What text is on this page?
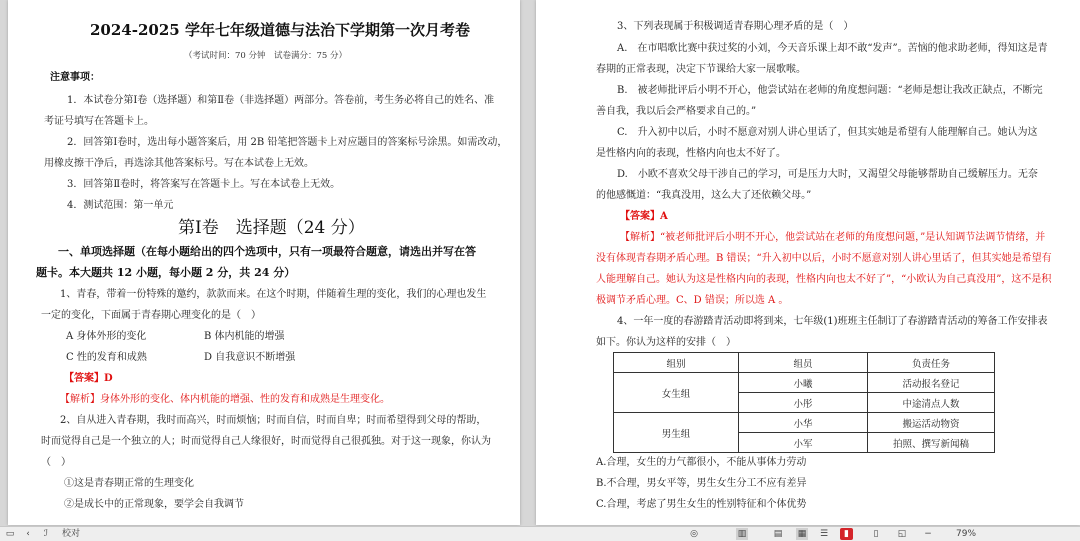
2024-2025 学年七年级道德与法治下学期第一次月考卷
（考试时间：70 分钟　试卷满分：75 分）
注意事项：
1．本试卷分第Ⅰ卷（选择题）和第Ⅱ卷（非选择题）两部分。答卷前，考生务必将自己的姓名、准
考证号填写在答题卡上。
2．回答第Ⅰ卷时，选出每小题答案后，用 2B 铅笔把答题卡上对应题目的答案标号涂黑。如需改动，
用橡皮擦干净后，再选涂其他答案标号。写在本试卷上无效。
3．回答第Ⅱ卷时，将答案写在答题卡上。写在本试卷上无效。
4．测试范围：第一单元
第Ⅰ卷　选择题（24 分）
一、单项选择题（在每小题给出的四个选项中，只有一项最符合题意，请选出并写在答
题卡。本大题共 12 小题，每小题 2 分，共 24 分）
1、青春，带着一份特殊的邀约，款款而来。在这个时期，伴随着生理的变化，我们的心理也发生
一定的变化，下面属于青春期心理变化的是（　）
A 身体外形的变化	B 体内机能的增强
C 性的发育和成熟	D 自我意识不断增强
【答案】D
【解析】身体外形的变化、体内机能的增强、性的发育和成熟是生理变化。
2、自从进入青春期，我时而高兴，时而烦恼；时而自信，时而自卑；时而希望得到父母的帮助，
时而觉得自己是一个独立的人；时而觉得自己人缘很好，时而觉得自己很孤独。对于这一现象，你认为
（　）
①这是青春期正常的生理变化
②是成长中的正常现象，要学会自我调节
3、下列表现属于积极调适青春期心理矛盾的是（　）
A.　在市唱歌比赛中获过奖的小刘，今天音乐课上却不敢“发声”。苦恼的他求助老师，得知这是青
春期的正常表现，决定下节课给大家一展歌喉。
B.　被老师批评后小明不开心，他尝试站在老师的角度想问题：“老师是想让我改正缺点，不断完
善自我，我以后会严格要求自己的。”
C.　升入初中以后，小时不愿意对别人讲心里话了，但其实她是希望有人能理解自己。她认为这
是性格内向的表现，性格内向也太不好了。
D.　小欧不喜欢父母干涉自己的学习，可是压力大时，又渴望父母能够帮助自己缓解压力。无奈
的他感慨道：“我真没用，这么大了还依赖父母。”
【答案】A
【解析】“被老师批评后小明不开心，他尝试站在老师的角度想问题，”是认知调节法调节情绪，并
没有体现青春期矛盾心理。B 错误；“升入初中以后，小时不愿意对别人讲心里话了，但其实她是希望有
人能理解自己。她认为这是性格内向的表现，性格内向也太不好了”，“小欧认为自己真没用”，这不是积
极调节矛盾心理。C、D 错误；所以选 A 。
4、一年一度的春游踏青活动即将到来，七年级(1)班班主任制订了春游踏青活动的筹备工作安排表
如下。你认为这样的安排（　）
组别	组员	负责任务
女生组	小曦	活动报名登记
	小彤	中途清点人数
男生组	小华	搬运活动物资
	小军	拍照、撰写新闻稿
A.合理，女生的力气都很小，不能从事体力劳动
B.不合理，男女平等，男生女生分工不应有差异
C.合理，考虑了男生女生的性别特征和个体优势
▭	‹	ℐ	校对	◎	▥	▤ ▦ ☰	▮	▯	◱ −	79%
